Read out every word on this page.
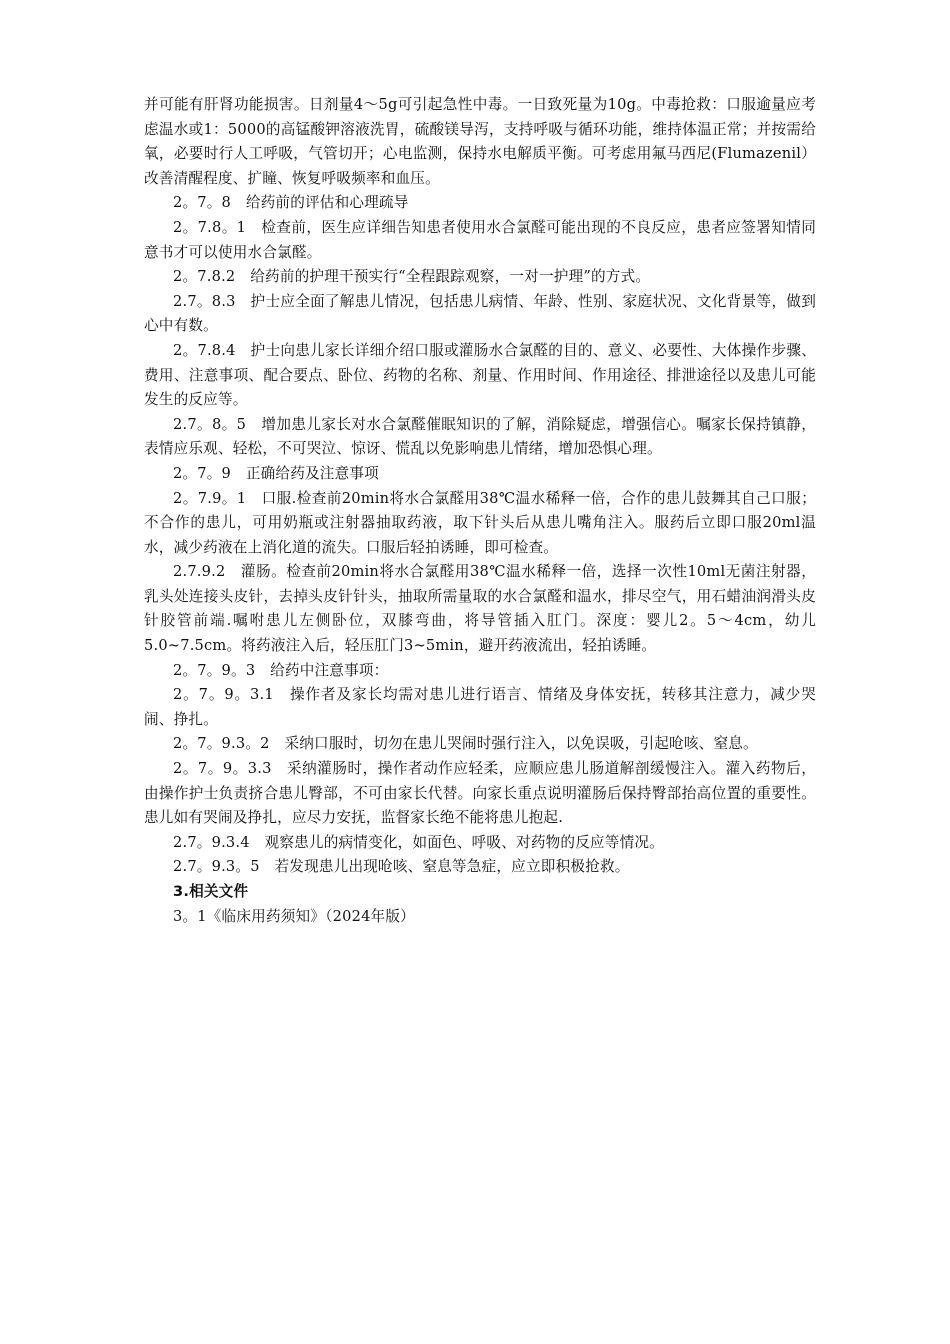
并可能有肝肾功能损害。日剂量4～5g可引起急性中毒。一日致死量为10g。中毒抢救：口服逾量应考虑温水或1：5000的高锰酸钾溶液洗胃，硫酸镁导泻，支持呼吸与循环功能，维持体温正常；并按需给氧，必要时行人工呼吸，气管切开；心电监测，保持水电解质平衡。可考虑用氟马西尼(Flumazenil）改善清醒程度、扩瞳、恢复呼吸频率和血压。

2。7。8　给药前的评估和心理疏导

2。7.8。1　检查前，医生应详细告知患者使用水合氯醛可能出现的不良反应，患者应签署知情同意书才可以使用水合氯醛。

2。7.8.2　给药前的护理干预实行“全程跟踪观察，一对一护理”的方式。

2.7。8.3　护士应全面了解患儿情况，包括患儿病情、年龄、性别、家庭状况、文化背景等，做到心中有数。

2。7.8.4　护士向患儿家长详细介绍口服或灌肠水合氯醛的目的、意义、必要性、大体操作步骤、费用、注意事项、配合要点、卧位、药物的名称、剂量、作用时间、作用途径、排泄途径以及患儿可能发生的反应等。

2.7。8。5　增加患儿家长对水合氯醛催眠知识的了解，消除疑虑，增强信心。嘱家长保持镇静，表情应乐观、轻松，不可哭泣、惊讶、慌乱以免影响患儿情绪，增加恐惧心理。

2。7。9　正确给药及注意事项

2。7.9。1　口服.检查前20min将水合氯醛用38℃温水稀释一倍，合作的患儿鼓舞其自己口服；不合作的患儿，可用奶瓶或注射器抽取药液，取下针头后从患儿嘴角注入。服药后立即口服20ml温水，减少药液在上消化道的流失。口服后轻拍诱睡，即可检查。

2.7.9.2　灌肠。检查前20min将水合氯醛用38℃温水稀释一倍，选择一次性10ml无菌注射器，乳头处连接头皮针，去掉头皮针针头，抽取所需量取的水合氯醛和温水，排尽空气，用石蜡油润滑头皮针胶管前端.嘱咐患儿左侧卧位，双膝弯曲，将导管插入肛门。深度：婴儿2。5～4cm，幼儿5.0~7.5cm。将药液注入后，轻压肛门3~5min，避开药液流出，轻拍诱睡。

2。7。9。3　给药中注意事项：

2。7。9。3.1　操作者及家长均需对患儿进行语言、情绪及身体安抚，转移其注意力，减少哭闹、挣扎。

2。7。9.3。2　采纳口服时，切勿在患儿哭闹时强行注入，以免误吸，引起呛咳、窒息。

2。7。9。3.3　采纳灌肠时，操作者动作应轻柔，应顺应患儿肠道解剖缓慢注入。灌入药物后，由操作护士负责挤合患儿臀部，不可由家长代替。向家长重点说明灌肠后保持臀部抬高位置的重要性。患儿如有哭闹及挣扎，应尽力安抚，监督家长绝不能将患儿抱起.

2.7。9.3.4　观察患儿的病情变化，如面色、呼吸、对药物的反应等情况。

2.7。9.3。5　若发现患儿出现呛咳、窒息等急症，应立即积极抢救。

3.相关文件

3。1《临床用药须知》（2024年版）
